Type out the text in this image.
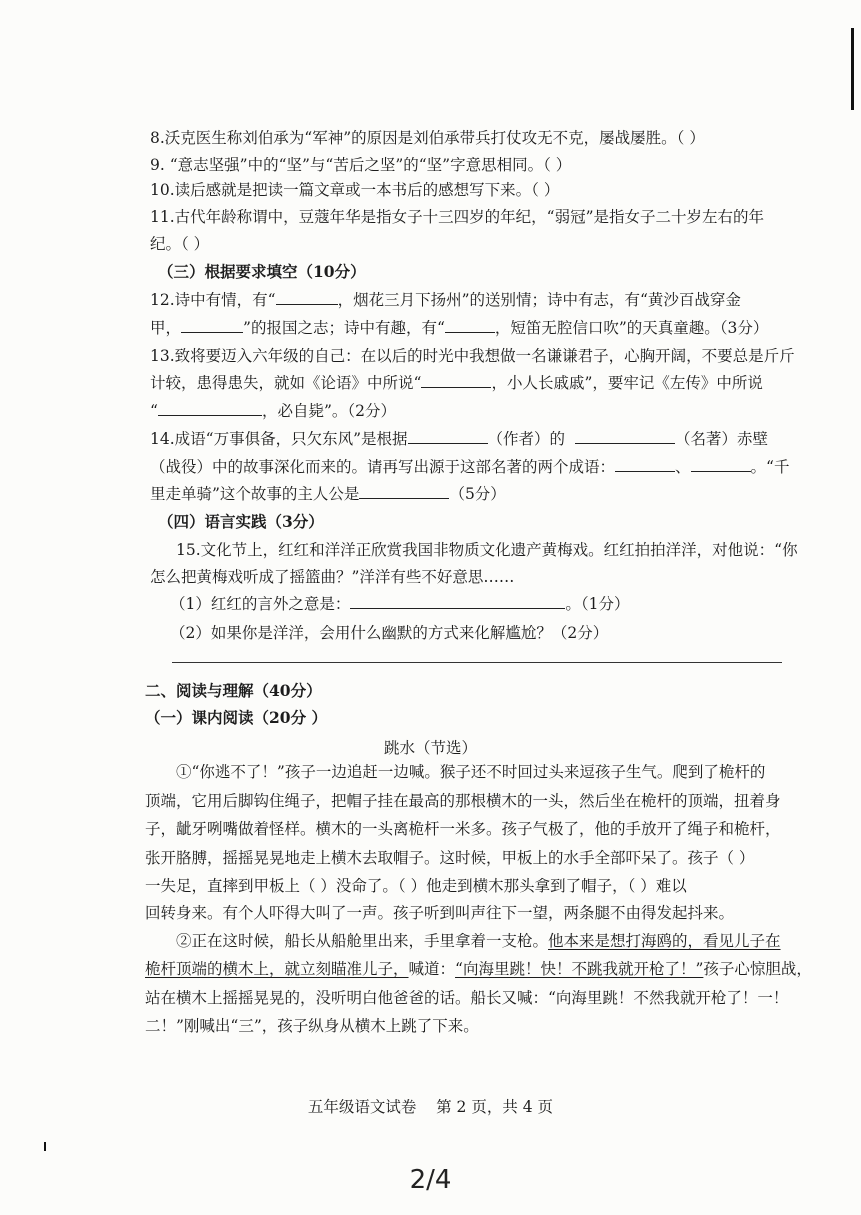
8.沃克医生称刘伯承为“军神”的原因是刘伯承带兵打仗攻无不克，屡战屡胜。（ ）
9. “意志坚强”中的“坚”与“苦后之坚”的“坚”字意思相同。（ ）
10.读后感就是把读一篇文章或一本书后的感想写下来。（ ）
11.古代年龄称谓中，豆蔻年华是指女子十三四岁的年纪，“弱冠”是指女子二十岁左右的年
纪。（ ）
（三）根据要求填空（10分）
12.诗中有情，有“	，烟花三月下扬州”的送别情；诗中有志，有“黄沙百战穿金
甲，	”的报国之志；诗中有趣，有“	，短笛无腔信口吹”的天真童趣。（3分）
13.致将要迈入六年级的自己：在以后的时光中我想做一名谦谦君子，心胸开阔，不要总是斤斤
计较，患得患失，就如《论语》中所说“	，小人长戚戚”，要牢记《左传》中所说
“	，必自毙”。（2分）
14.成语“万事俱备，只欠东风”是根据	（作者）的	（名著）赤壁
（战役）中的故事深化而来的。请再写出源于这部名著的两个成语：	、	。“千
里走单骑”这个故事的主人公是	（5分）
（四）语言实践（3分）
15.文化节上，红红和洋洋正欣赏我国非物质文化遗产黄梅戏。红红拍拍洋洋，对他说：“你
怎么把黄梅戏听成了摇篮曲？”洋洋有些不好意思……
（1）红红的言外之意是：	。（1分）
（2）如果你是洋洋，会用什么幽默的方式来化解尴尬？（2分）
二、阅读与理解（40分）
（一）课内阅读（20分 ）
跳水（节选）
①“你逃不了！”孩子一边追赶一边喊。猴子还不时回过头来逗孩子生气。爬到了桅杆的
顶端，它用后脚钩住绳子，把帽子挂在最高的那根横木的一头，然后坐在桅杆的顶端，扭着身
子，龇牙咧嘴做着怪样。横木的一头离桅杆一米多。孩子气极了，他的手放开了绳子和桅杆，
张开胳膊，摇摇晃晃地走上横木去取帽子。这时候，甲板上的水手全部吓呆了。孩子（ ）
一失足，直摔到甲板上（ ）没命了。（ ）他走到横木那头拿到了帽子，（ ）难以
回转身来。有个人吓得大叫了一声。孩子听到叫声往下一望，两条腿不由得发起抖来。
②正在这时候，船长从船舱里出来，手里拿着一支枪。他本来是想打海鸥的，看见儿子在
桅杆顶端的横木上，就立刻瞄准儿子，喊道：“向海里跳！快！不跳我就开枪了！”孩子心惊胆战，
站在横木上摇摇晃晃的，没听明白他爸爸的话。船长又喊：“向海里跳！不然我就开枪了！一！
二！”刚喊出“三”，孩子纵身从横木上跳了下来。
五年级语文试卷    第 2 页，共 4 页
2/4
